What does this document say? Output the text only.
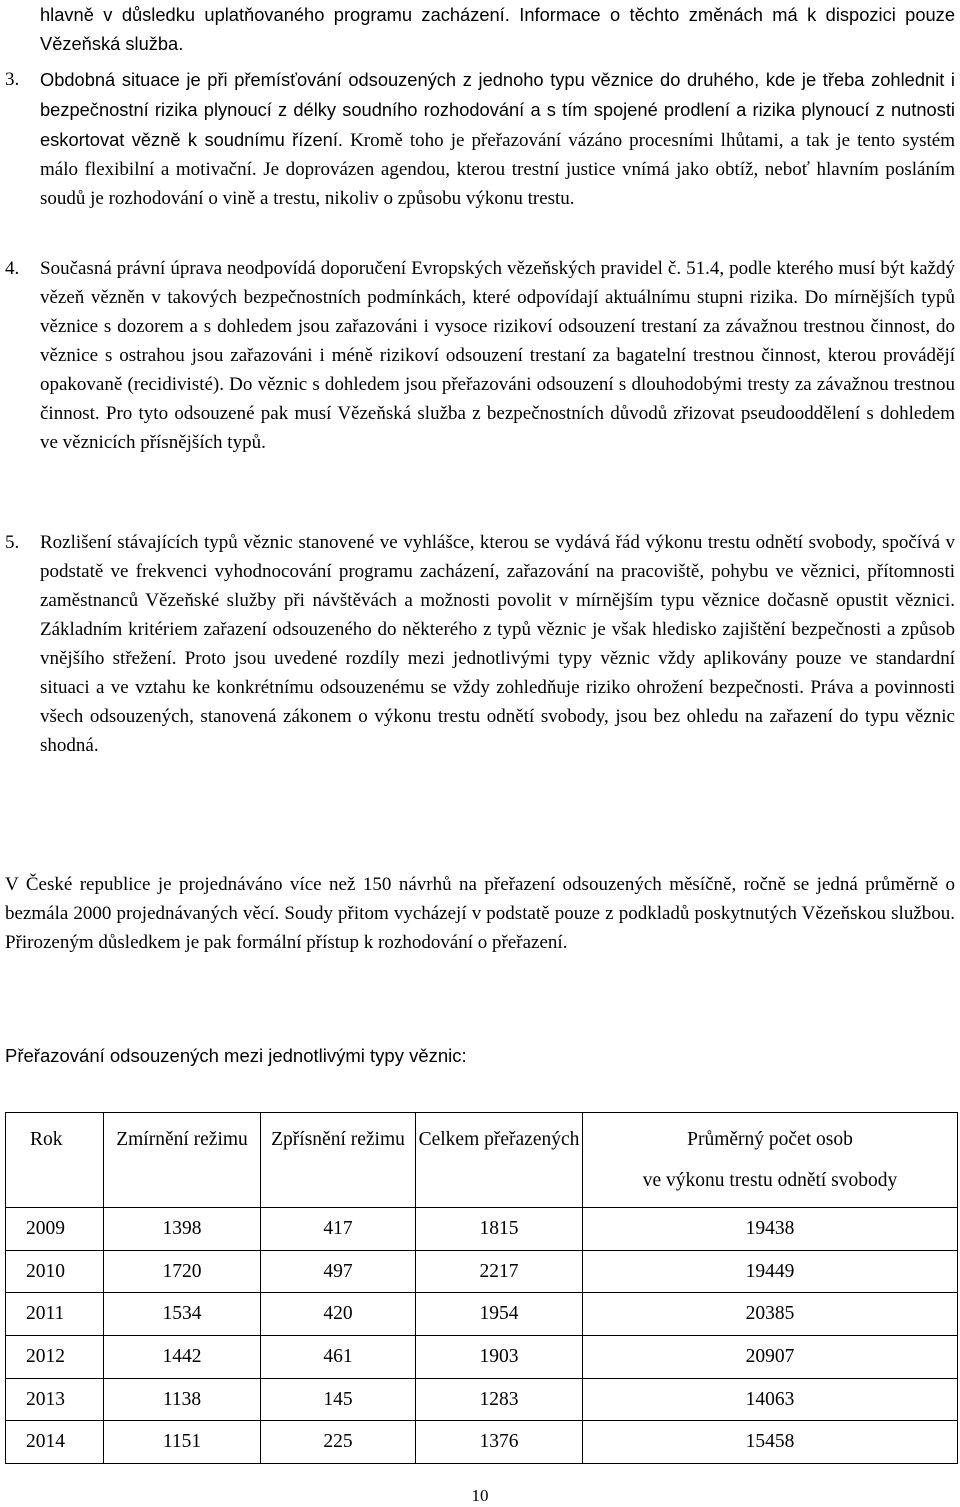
hlavně v důsledku uplatňovaného programu zacházení. Informace o těchto změnách má k dispozici pouze Vězeňská služba.
3.	Obdobná situace je při přemísťování odsouzených z jednoho typu věznice do druhého, kde je třeba zohlednit i bezpečnostní rizika plynoucí z délky soudního rozhodování a s tím spojené prodlení a rizika plynoucí z nutnosti eskortovat vězně k soudnímu řízení. Kromě toho je přeřazování vázáno procesními lhůtami, a tak je tento systém málo flexibilní a motivační. Je doprovázen agendou, kterou trestní justice vnímá jako obtíž, neboť hlavním posláním soudů je rozhodování o vině a trestu, nikoliv o způsobu výkonu trestu.
4.	Současná právní úprava neodpovídá doporučení Evropských vězeňských pravidel č. 51.4, podle kterého musí být každý vězeň vězněn v takových bezpečnostních podmínkách, které odpovídají aktuálnímu stupni rizika. Do mírnějších typů věznice s dozorem a s dohledem jsou zařazováni i vysoce rizikoví odsouzení trestaní za závažnou trestnou činnost, do věznice s ostrahou jsou zařazováni i méně rizikoví odsouzení trestaní za bagatelní trestnou činnost, kterou provádějí opakovaně (recidivisté). Do věznic s dohledem jsou přeřazováni odsouzení s dlouhodobými tresty za závažnou trestnou činnost. Pro tyto odsouzené pak musí Vězeňská služba z bezpečnostních důvodů zřizovat pseudooddělení s dohledem ve věznicích přísnějších typů.
5.	Rozlišení stávajících typů věznic stanovené ve vyhlášce, kterou se vydává řád výkonu trestu odnětí svobody, spočívá v podstatě ve frekvenci vyhodnocování programu zacházení, zařazování na pracoviště, pohybu ve věznici, přítomnosti zaměstnanců Vězeňské služby při návštěvách a možnosti povolit v mírnějším typu věznice dočasně opustit věznici. Základním kritériem zařazení odsouzeného do některého z typů věznic je však hledisko zajištění bezpečnosti a způsob vnějšího střežení. Proto jsou uvedené rozdíly mezi jednotlivými typy věznic vždy aplikovány pouze ve standardní situaci a ve vztahu ke konkrétnímu odsouzenému se vždy zohledňuje riziko ohrožení bezpečnosti. Práva a povinnosti všech odsouzených, stanovená zákonem o výkonu trestu odnětí svobody, jsou bez ohledu na zařazení do typu věznic shodná.
V České republice je projednáváno více než 150 návrhů na přeřazení odsouzených měsíčně, ročně se jedná průměrně o bezmála 2000 projednávaných věcí. Soudy přitom vycházejí v podstatě pouze z podkladů poskytnutých Vězeňskou službou. Přirozeným důsledkem je pak formální přístup k rozhodování o přeřazení.
Přeřazování odsouzených mezi jednotlivými typy věznic:
Rok	Zmírnění režimu	Zpřísnění režimu	Celkem přeřazených	Průměrný počet osob
ve výkonu trestu odnětí svobody

2009	1398	417	1815	19438
2010	1720	497	2217	19449
2011	1534	420	1954	20385
2012	1442	461	1903	20907
2013	1138	145	1283	14063
2014	1151	225	1376	15458
10
